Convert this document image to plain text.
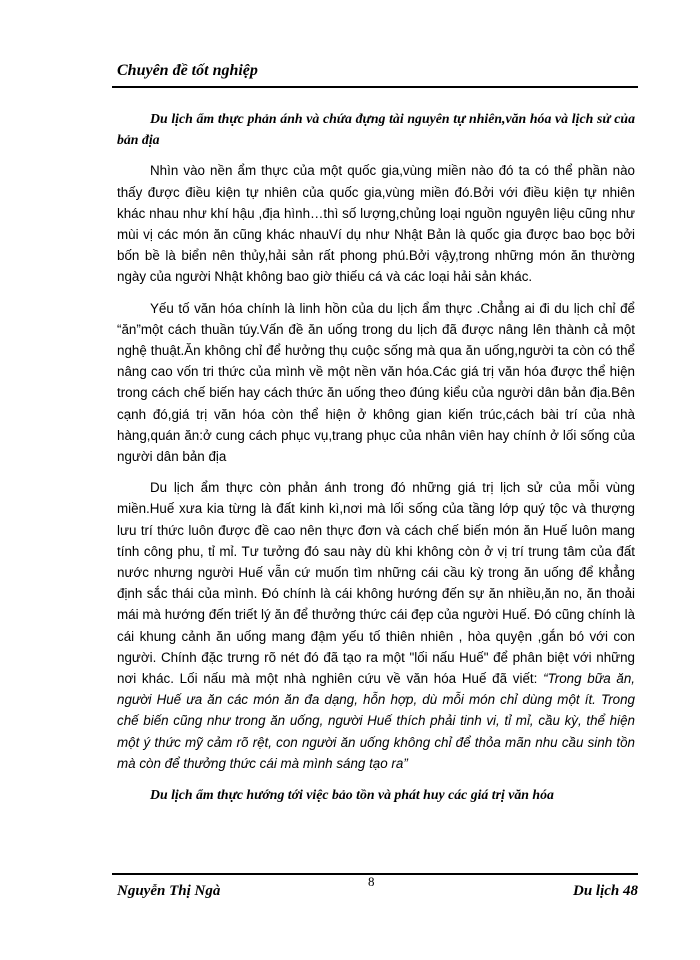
Chuyên đề tốt nghiệp

Du lịch ẩm thực phản ánh và chứa đựng tài nguyên tự nhiên,văn hóa và lịch sử của bản địa

Nhìn vào nền ẩm thực của một quốc gia,vùng miền nào đó ta có thể phần nào thấy được điều kiện tự nhiên của quốc gia,vùng miền đó.Bởi với điều kiện tự nhiên khác nhau như khí hậu ,địa hình…thì số lượng,chủng loại nguồn nguyên liệu cũng như mùi vị các món ăn cũng khác nhauVí dụ như Nhật Bản là quốc gia được bao bọc bởi bốn bề là biển nên thủy,hải sản rất phong phú.Bởi vậy,trong những món ăn thường ngày của người Nhật không bao giờ thiếu cá và các loại hải sản khác.

Yếu tố văn hóa chính là linh hồn của du lịch ẩm thực .Chẳng ai đi du lịch chỉ để “ăn”một cách thuần túy.Vấn đề ăn uống trong du lịch đã được nâng lên thành cả một nghệ thuật.Ăn không chỉ để hưởng thụ cuộc sống mà qua ăn uống,người ta còn có thể nâng cao vốn tri thức của mình về một nền văn hóa.Các giá trị văn hóa được thể hiện trong cách chế biến hay cách thức ăn uống theo đúng kiểu của người dân bản địa.Bên cạnh đó,giá trị văn hóa còn thể hiện ở không gian kiến trúc,cách bài trí của nhà hàng,quán ăn:ở cung cách phục vụ,trang phục của nhân viên hay chính ở lối sống của người dân bản địa

Du lịch ẩm thực còn phản ánh trong đó những giá trị lịch sử của mỗi vùng miền.Huế xưa kia từng là đất kinh kì,nơi mà lối sống của tầng lớp quý tộc và thượng lưu trí thức luôn được đề cao nên thực đơn và cách chế biến món ăn Huế luôn mang tính công phu, tỉ mỉ. Tư tưởng đó sau này dù khi không còn ở vị trí trung tâm của đất nước nhưng người Huế vẫn cứ muốn tìm những cái cầu kỳ trong ăn uống để khẳng định sắc thái của mình. Đó chính là cái không hướng đến sự ăn nhiều,ăn no, ăn thoải mái mà hướng đến triết lý ăn để thưởng thức cái đẹp của người Huế. Đó cũng chính là cái khung cảnh ăn uống mang đậm yếu tố thiên nhiên , hòa quyện ,gắn bó với con người. Chính đặc trưng rõ nét đó đã tạo ra một "lối nấu Huế" để phân biệt với những nơi khác. Lối nấu mà một nhà nghiên cứu về văn hóa Huế đã viết: “Trong bữa ăn, người Huế ưa ăn các món ăn đa dạng, hỗn hợp, dù mỗi món chỉ dùng một ít. Trong chế biến cũng như trong ăn uống, người Huế thích phải tinh vi, tỉ mỉ, cầu kỳ, thể hiện một ý thức mỹ cảm rõ rệt, con người ăn uống không chỉ để thỏa mãn nhu cầu sinh tồn mà còn để thưởng thức cái mà mình sáng tạo ra”

Du lịch ẩm thực hướng tới việc bảo tồn và phát huy các giá trị văn hóa

Nguyễn Thị Ngà
8
Du lịch 48
